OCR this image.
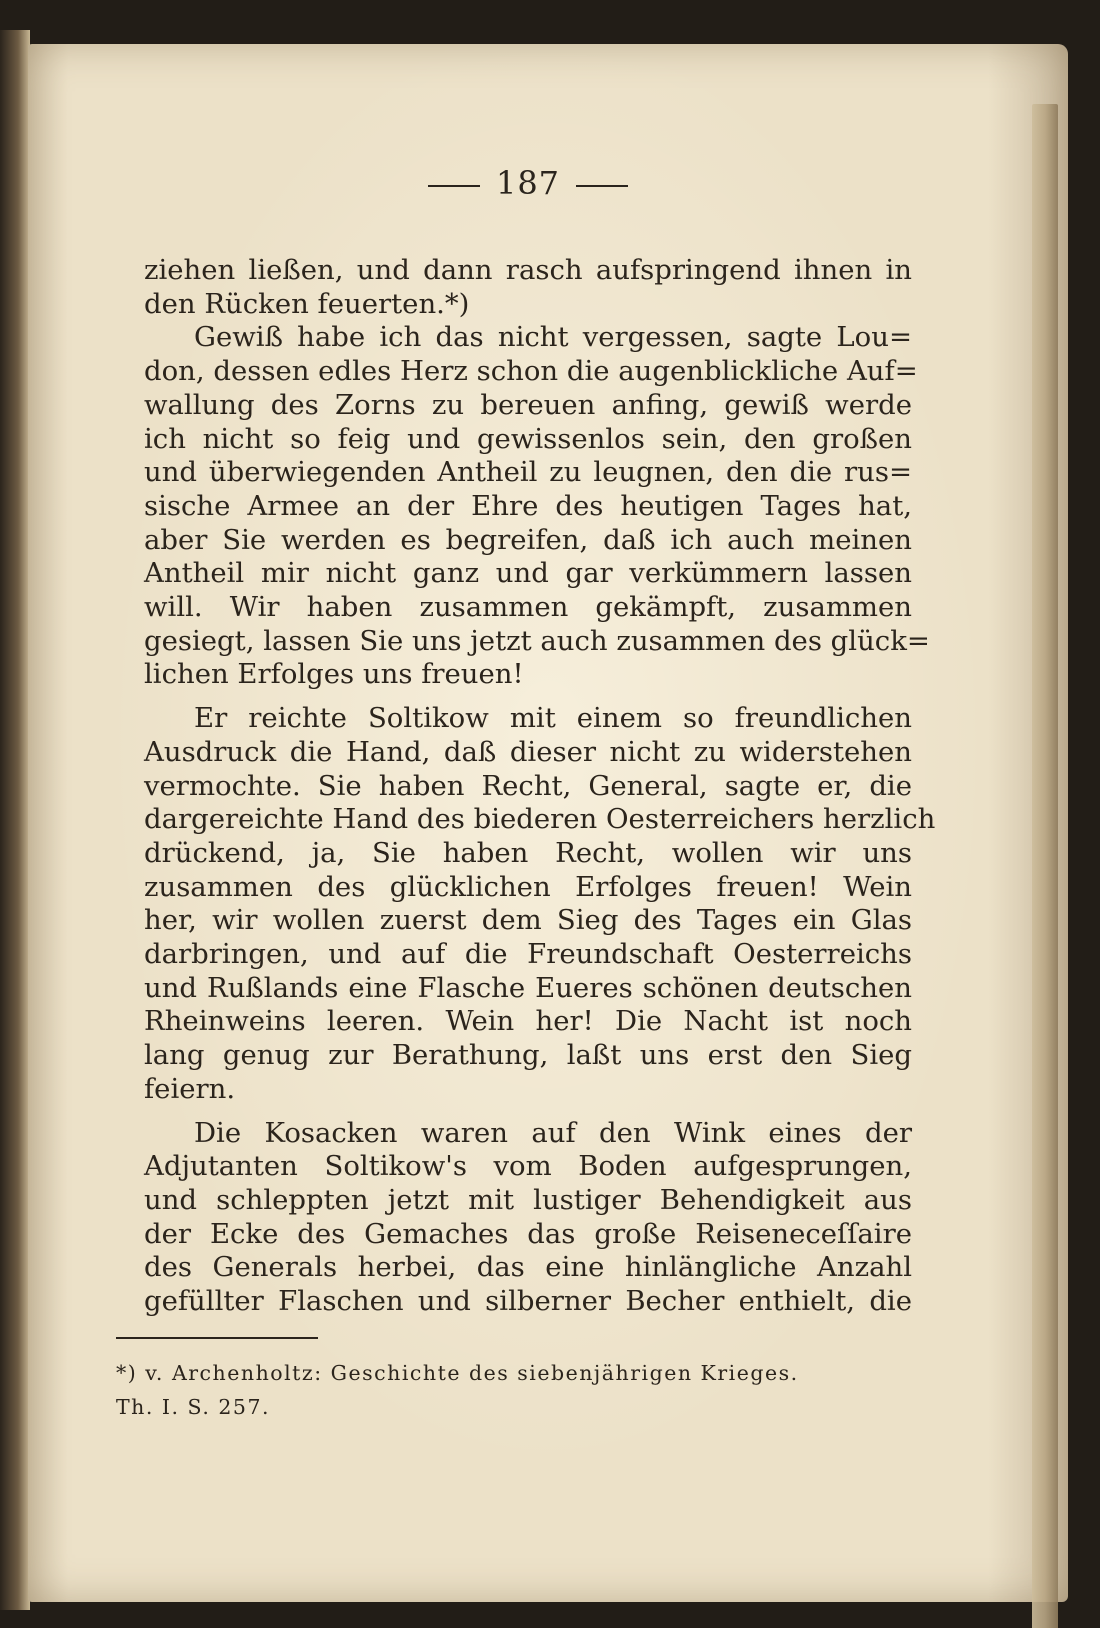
187

ziehen ließen, und dann rasch aufspringend ihnen in
den Rücken feuerten.*)

Gewiß habe ich das nicht vergessen, sagte Lou=
don, dessen edles Herz schon die augenblickliche Auf=
wallung des Zorns zu bereuen anfing, gewiß werde
ich nicht so feig und gewissenlos sein, den großen
und überwiegenden Antheil zu leugnen, den die rus=
sische Armee an der Ehre des heutigen Tages hat,
aber Sie werden es begreifen, daß ich auch meinen
Antheil mir nicht ganz und gar verkümmern lassen
will. Wir haben zusammen gekämpft, zusammen
gesiegt, lassen Sie uns jetzt auch zusammen des glück=
lichen Erfolges uns freuen!

Er reichte Soltikow mit einem so freundlichen
Ausdruck die Hand, daß dieser nicht zu widerstehen
vermochte. Sie haben Recht, General, sagte er, die
dargereichte Hand des biederen Oesterreichers herzlich
drückend, ja, Sie haben Recht, wollen wir uns
zusammen des glücklichen Erfolges freuen! Wein
her, wir wollen zuerst dem Sieg des Tages ein Glas
darbringen, und auf die Freundschaft Oesterreichs
und Rußlands eine Flasche Eueres schönen deutschen
Rheinweins leeren. Wein her! Die Nacht ist noch
lang genug zur Berathung, laßt uns erst den Sieg
feiern.

Die Kosacken waren auf den Wink eines der
Adjutanten Soltikow's vom Boden aufgesprungen,
und schleppten jetzt mit lustiger Behendigkeit aus
der Ecke des Gemaches das große Reiseneceſſaire
des Generals herbei, das eine hinlängliche Anzahl
gefüllter Flaschen und silberner Becher enthielt, die

*) v. Archenholtz: Geschichte des siebenjährigen Krieges.
Th. I. S. 257.
